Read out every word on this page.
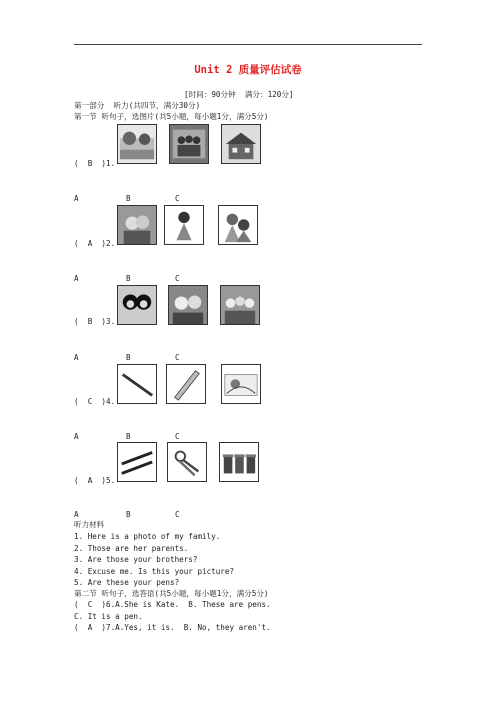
Unit 2 质量评估试卷
[时间：90分钟  满分：120分]
第一部分  听力(共四节，满分30分)
第一节 听句子，选图片(共5小题，每小题1分，满分5分)
(  B  )1.
A	B	C
(  A  )2.
A	B	C
(  B  )3.
A	B	C
(  C  )4.
A	B	C
(  A  )5.
A	B	C
听力材料
1. Here is a photo of my family.
2. Those are her parents.
3. Are those your brothers?
4. Excuse me. Is this your picture?
5. Are these your pens?
第二节 听句子，选答语(共5小题，每小题1分，满分5分)
(  C  )6.A.She is Kate.  B. These are pens.
C. It is a pen.
(  A  )7.A.Yes, it is.  B. No, they aren't.
